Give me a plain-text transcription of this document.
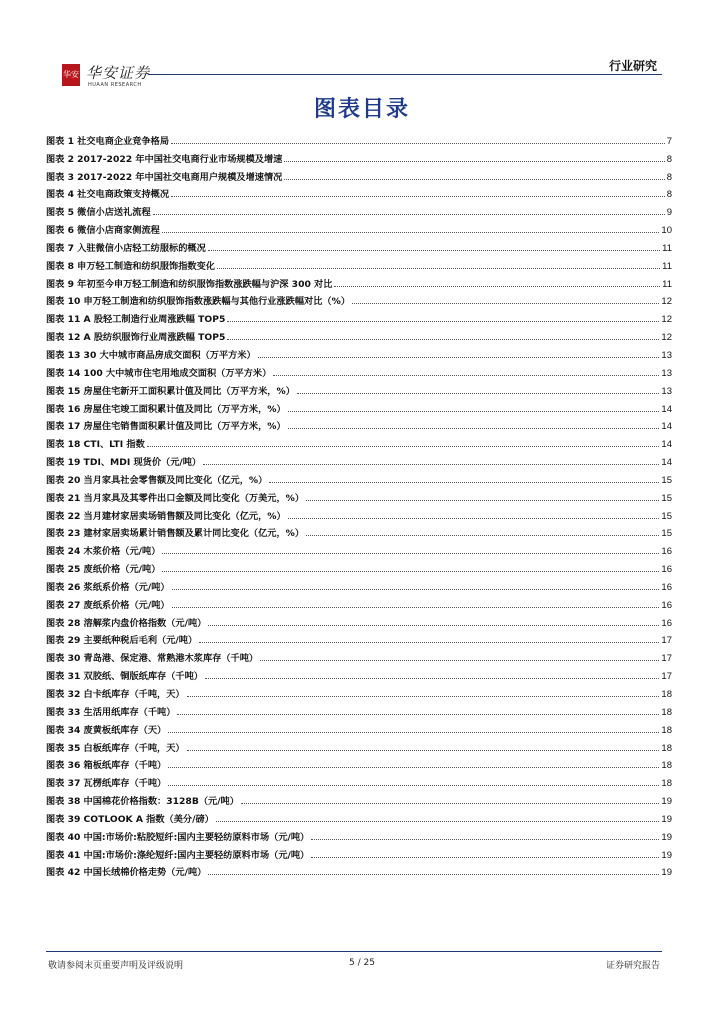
华安 华安证券
HUAAN RESEARCH
行业研究
图表目录
图表 1 社交电商企业竞争格局	7
图表 2 2017-2022 年中国社交电商行业市场规模及增速	8
图表 3 2017-2022 年中国社交电商用户规模及增速情况	8
图表 4 社交电商政策支持概况	8
图表 5 微信小店送礼流程	9
图表 6 微信小店商家侧流程	10
图表 7 入驻微信小店轻工纺服标的概况	11
图表 8 申万轻工制造和纺织服饰指数变化	11
图表 9 年初至今申万轻工制造和纺织服饰指数涨跌幅与沪深 300 对比	11
图表 10 申万轻工制造和纺织服饰指数涨跌幅与其他行业涨跌幅对比（%）	12
图表 11 A 股轻工制造行业周涨跌幅 TOP5	12
图表 12 A 股纺织服饰行业周涨跌幅 TOP5	12
图表 13 30 大中城市商品房成交面积（万平方米）	13
图表 14 100 大中城市住宅用地成交面积（万平方米）	13
图表 15 房屋住宅新开工面积累计值及同比（万平方米，%）	13
图表 16 房屋住宅竣工面积累计值及同比（万平方米，%）	14
图表 17 房屋住宅销售面积累计值及同比（万平方米，%）	14
图表 18 CTI、LTI 指数	14
图表 19 TDI、MDI 现货价（元/吨）	14
图表 20 当月家具社会零售额及同比变化（亿元，%）	15
图表 21 当月家具及其零件出口金额及同比变化（万美元，%）	15
图表 22 当月建材家居卖场销售额及同比变化（亿元，%）	15
图表 23 建材家居卖场累计销售额及累计同比变化（亿元，%）	15
图表 24 木浆价格（元/吨）	16
图表 25 废纸价格（元/吨）	16
图表 26 浆纸系价格（元/吨）	16
图表 27 废纸系价格（元/吨）	16
图表 28 溶解浆内盘价格指数（元/吨）	16
图表 29 主要纸种税后毛利（元/吨）	17
图表 30 青岛港、保定港、常熟港木浆库存（千吨）	17
图表 31 双胶纸、铜版纸库存（千吨）	17
图表 32 白卡纸库存（千吨，天）	18
图表 33 生活用纸库存（千吨）	18
图表 34 废黄板纸库存（天）	18
图表 35 白板纸库存（千吨，天）	18
图表 36 箱板纸库存（千吨）	18
图表 37 瓦楞纸库存（千吨）	18
图表 38 中国棉花价格指数：3128B（元/吨）	19
图表 39 COTLOOK A 指数（美分/磅）	19
图表 40 中国:市场价:粘胶短纤:国内主要轻纺原料市场（元/吨）	19
图表 41 中国:市场价:涤纶短纤:国内主要轻纺原料市场（元/吨）	19
图表 42 中国长绒棉价格走势（元/吨）	19
敬请参阅末页重要声明及评级说明	5 / 25	证券研究报告
